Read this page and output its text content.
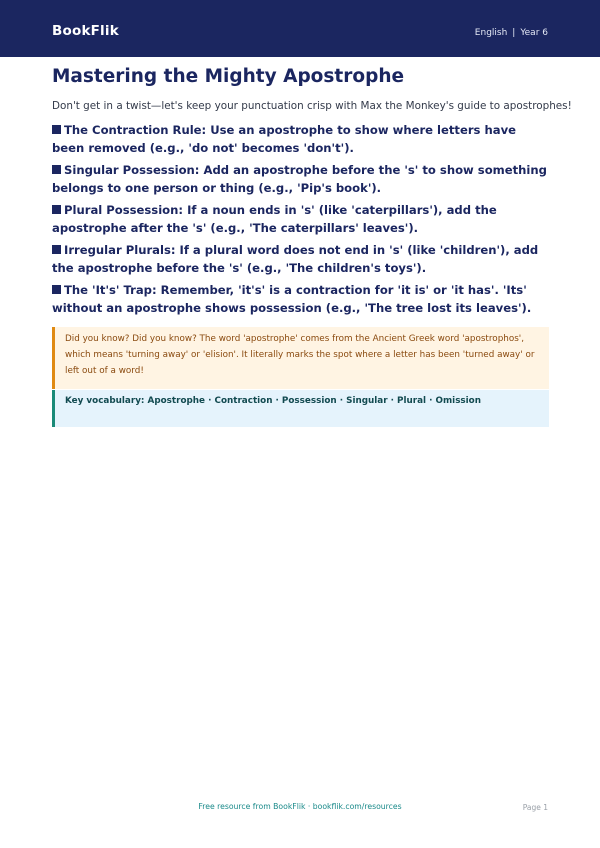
BookFlik	English | Year 6
Mastering the Mighty Apostrophe
Don't get in a twist—let's keep your punctuation crisp with Max the Monkey's guide to apostrophes!
The Contraction Rule: Use an apostrophe to show where letters have been removed (e.g., 'do not' becomes 'don't').
Singular Possession: Add an apostrophe before the 's' to show something belongs to one person or thing (e.g., 'Pip's book').
Plural Possession: If a noun ends in 's' (like 'caterpillars'), add the apostrophe after the 's' (e.g., 'The caterpillars' leaves').
Irregular Plurals: If a plural word does not end in 's' (like 'children'), add the apostrophe before the 's' (e.g., 'The children's toys').
The 'It's' Trap: Remember, 'it's' is a contraction for 'it is' or 'it has'. 'Its' without an apostrophe shows possession (e.g., 'The tree lost its leaves').

Did you know? Did you know? The word 'apostrophe' comes from the Ancient Greek word 'apostrophos', which means 'turning away' or 'elision'. It literally marks the spot where a letter has been 'turned away' or left out of a word!

Key vocabulary: Apostrophe · Contraction · Possession · Singular · Plural · Omission
Free resource from BookFlik · bookflik.com/resources	Page 1
